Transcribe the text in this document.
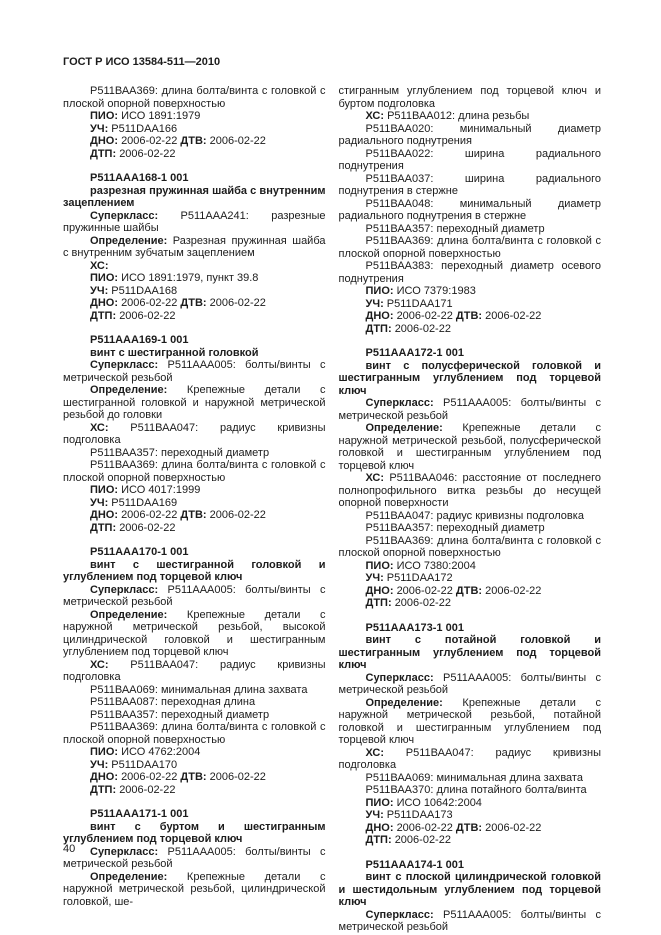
ГОСТ Р ИСО 13584-511—2010

Р511ВАА369: длина болта/винта с головкой с плоской опорной поверхностью

ПИО: ИСО 1891:1979

УЧ: P511DAA166

ДНО: 2006-02-22 ДТВ: 2006-02-22

ДТП: 2006-02-22

Р511ААА168-1 001

разрезная пружинная шайба с внутренним зацеплением

Суперкласс: Р511ААА241: разрезные пружинные шайбы

Определение: Разрезная пружинная шайба с внутренним зубчатым зацеплением

ХС:

ПИО: ИСО 1891:1979, пункт 39.8

УЧ: P511DAA168

ДНО: 2006-02-22 ДТВ: 2006-02-22

ДТП: 2006-02-22

Р511ААА169-1 001

винт с шестигранной головкой

Суперкласс: Р511ААА005: болты/винты с метрической резьбой

Определение: Крепежные детали с шестигранной головкой и наружной метрической резьбой до головки

ХС: Р511ВАА047: радиус кривизны подголовка

Р511ВАА357: переходный диаметр

Р511ВАА369: длина болта/винта с головкой с плоской опорной поверхностью

ПИО: ИСО 4017:1999

УЧ: P511DAA169

ДНО: 2006-02-22 ДТВ: 2006-02-22

ДТП: 2006-02-22

Р511ААА170-1 001

винт с шестигранной головкой и углублением под торцевой ключ

Суперкласс: Р511ААА005: болты/винты с метрической резьбой

Определение: Крепежные детали с наружной метрической резьбой, высокой цилиндрической головкой и шестигранным углублением под торцевой ключ

ХС: Р511ВАА047: радиус кривизны подголовка

Р511ВАА069: минимальная длина захвата

Р511ВАА087: переходная длина

Р511ВАА357: переходный диаметр

Р511ВАА369: длина болта/винта с головкой с плоской опорной поверхностью

ПИО: ИСО 4762:2004

УЧ: P511DAA170

ДНО: 2006-02-22 ДТВ: 2006-02-22

ДТП: 2006-02-22

Р511ААА171-1 001

винт с буртом и шестигранным углублением под торцевой ключ

Суперкласс: Р511ААА005: болты/винты с метрической резьбой

Определение: Крепежные детали с наружной метрической резьбой, цилиндрической головкой, ше-

стигранным углублением под торцевой ключ и буртом подголовка

ХС: Р511ВАА012: длина резьбы

Р511ВАА020: минимальный диаметр радиального поднутрения

Р511ВАА022: ширина радиального поднутрения

Р511ВАА037: ширина радиального поднутрения в стержне

Р511ВАА048: минимальный диаметр радиального поднутрения в стержне

Р511ВАА357: переходный диаметр

Р511ВАА369: длина болта/винта с головкой с плоской опорной поверхностью

Р511ВАА383: переходный диаметр осевого поднутрения

ПИО: ИСО 7379:1983

УЧ: P511DAA171

ДНО: 2006-02-22 ДТВ: 2006-02-22

ДТП: 2006-02-22

Р511ААА172-1 001

винт с полусферической головкой и шестигранным углублением под торцевой ключ

Суперкласс: Р511ААА005: болты/винты с метрической резьбой

Определение: Крепежные детали с наружной метрической резьбой, полусферической головкой и шестигранным углублением под торцевой ключ

ХС: Р511ВАА046: расстояние от последнего полнопрофильного витка резьбы до несущей опорной поверхности

Р511ВАА047: радиус кривизны подголовка

Р511ВАА357: переходный диаметр

Р511ВАА369: длина болта/винта с головкой с плоской опорной поверхностью

ПИО: ИСО 7380:2004

УЧ: P511DAA172

ДНО: 2006-02-22 ДТВ: 2006-02-22

ДТП: 2006-02-22

Р511ААА173-1 001

винт с потайной головкой и шестигранным углублением под торцевой ключ

Суперкласс: Р511ААА005: болты/винты с метрической резьбой

Определение: Крепежные детали с наружной метрической резьбой, потайной головкой и шестигранным углублением под торцевой ключ

ХС: Р511ВАА047: радиус кривизны подголовка

Р511ВАА069: минимальная длина захвата

Р511ВАА370: длина потайного болта/винта

ПИО: ИСО 10642:2004

УЧ: P511DAA173

ДНО: 2006-02-22 ДТВ: 2006-02-22

ДТП: 2006-02-22

Р511ААА174-1 001

винт с плоской цилиндрической головкой и шестидольным углублением под торцевой ключ

Суперкласс: Р511ААА005: болты/винты с метрической резьбой

40
